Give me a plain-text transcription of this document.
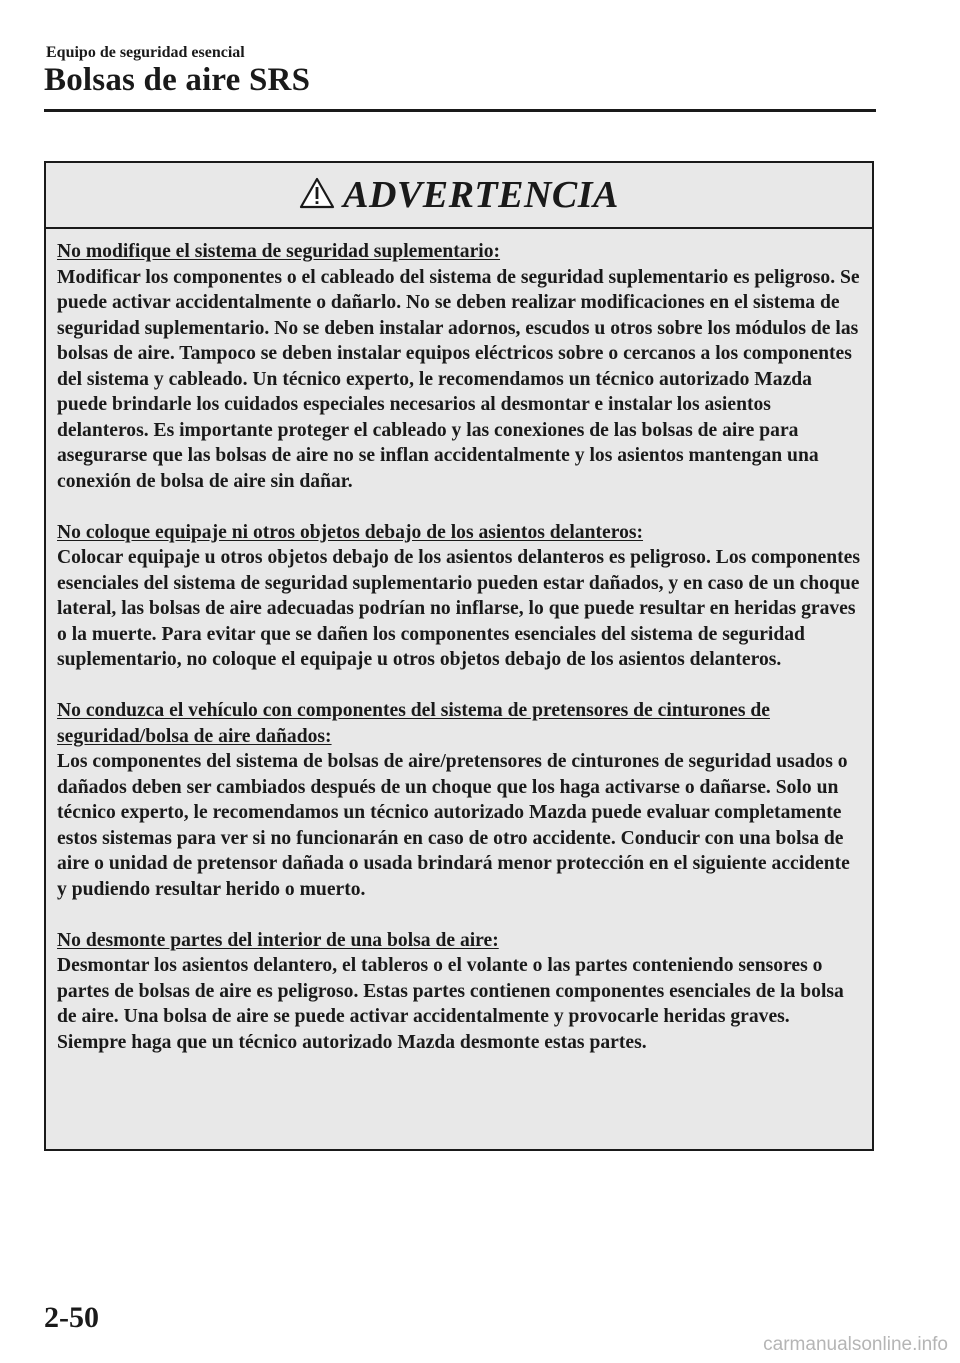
Equipo de seguridad esencial
Bolsas de aire SRS
ADVERTENCIA
No modifique el sistema de seguridad suplementario:
Modificar los componentes o el cableado del sistema de seguridad suplementario es peligroso. Se puede activar accidentalmente o dañarlo. No se deben realizar modificaciones en el sistema de seguridad suplementario. No se deben instalar adornos, escudos u otros sobre los módulos de las bolsas de aire. Tampoco se deben instalar equipos eléctricos sobre o cercanos a los componentes del sistema y cableado. Un técnico experto, le recomendamos un técnico autorizado Mazda puede brindarle los cuidados especiales necesarios al desmontar e instalar los asientos delanteros. Es importante proteger el cableado y las conexiones de las bolsas de aire para asegurarse que las bolsas de aire no se inflan accidentalmente y los asientos mantengan una conexión de bolsa de aire sin dañar.
No coloque equipaje ni otros objetos debajo de los asientos delanteros:
Colocar equipaje u otros objetos debajo de los asientos delanteros es peligroso. Los componentes esenciales del sistema de seguridad suplementario pueden estar dañados, y en caso de un choque lateral, las bolsas de aire adecuadas podrían no inflarse, lo que puede resultar en heridas graves o la muerte. Para evitar que se dañen los componentes esenciales del sistema de seguridad suplementario, no coloque el equipaje u otros objetos debajo de los asientos delanteros.
No conduzca el vehículo con componentes del sistema de pretensores de cinturones de seguridad/bolsa de aire dañados:
Los componentes del sistema de bolsas de aire/pretensores de cinturones de seguridad usados o dañados deben ser cambiados después de un choque que los haga activarse o dañarse. Solo un técnico experto, le recomendamos un técnico autorizado Mazda puede evaluar completamente estos sistemas para ver si no funcionarán en caso de otro accidente. Conducir con una bolsa de aire o unidad de pretensor dañada o usada brindará menor protección en el siguiente accidente y pudiendo resultar herido o muerto.
No desmonte partes del interior de una bolsa de aire:
Desmontar los asientos delantero, el tableros o el volante o las partes conteniendo sensores o partes de bolsas de aire es peligroso. Estas partes contienen componentes esenciales de la bolsa de aire. Una bolsa de aire se puede activar accidentalmente y provocarle heridas graves. Siempre haga que un técnico autorizado Mazda desmonte estas partes.
2-50
carmanualsonline.info
